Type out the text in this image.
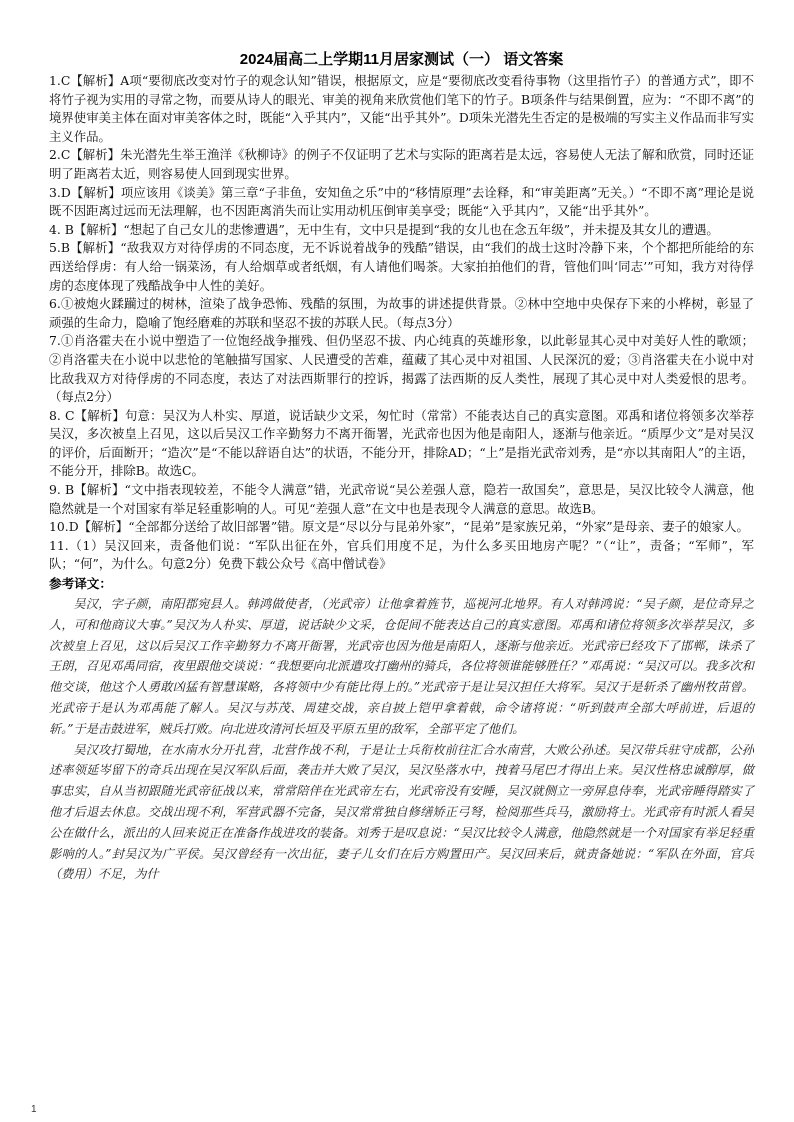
2024届高二上学期11月居家测试（一） 语文答案

1.C【解析】A项“要彻底改变对竹子的观念认知”错误，根据原文，应是“要彻底改变看待事物（这里指竹子）的普通方式”，即不将竹子视为实用的寻常之物，而要从诗人的眼光、审美的视角来欣赏他们笔下的竹子。B项条件与结果倒置，应为：“不即不离”的境界使审美主体在面对审美客体之时，既能“入乎其内”，又能“出乎其外”。D项朱光潜先生否定的是极端的写实主义作品而非写实主义作品。

2.C【解析】朱光潜先生举王渔洋《秋柳诗》的例子不仅证明了艺术与实际的距离若是太远，容易使人无法了解和欣赏，同时还证明了距离若太近，则容易使人回到现实世界。

3.D【解析】项应该用《谈美》第三章“子非鱼，安知鱼之乐”中的“移情原理”去诠释，和“审美距离”无关。）“不即不离”理论是说既不因距离过远而无法理解，也不因距离消失而让实用动机压倒审美享受；既能“入乎其内”，又能“出乎其外”。

4. B【解析】“想起了自己女儿的悲惨遭遇”，无中生有，文中只是提到“我的女儿也在念五年级”，并未提及其女儿的遭遇。

5.B【解析】“敌我双方对待俘虏的不同态度，无不诉说着战争的残酷”错误，由“我们的战士这时冷静下来，个个都把所能给的东西送给俘虏：有人给一锅菜汤，有人给烟草或者纸烟，有人请他们喝茶。大家拍拍他们的背，管他们叫‘同志’”可知，我方对待俘虏的态度体现了残酷战争中人性的美好。

6.①被炮火蹂躏过的树林，渲染了战争恐怖、残酷的氛围，为故事的讲述提供背景。②林中空地中央保存下来的小桦树，彰显了顽强的生命力，隐喻了饱经磨难的苏联和坚忍不拔的苏联人民。（每点3分）

7.①肖洛霍夫在小说中塑造了一位饱经战争摧残、但仍坚忍不拔、内心纯真的英雄形象，以此彰显其心灵中对美好人性的歌颂；②肖洛霍夫在小说中以悲怆的笔触描写国家、人民遭受的苦难，蕴藏了其心灵中对祖国、人民深沉的爱；③肖洛霍夫在小说中对比敌我双方对待俘虏的不同态度，表达了对法西斯罪行的控诉，揭露了法西斯的反人类性，展现了其心灵中对人类爱恨的思考。（每点2分）

8. C【解析】句意：吴汉为人朴实、厚道，说话缺少文采，匆忙时（常常）不能表达自己的真实意图。邓禹和诸位将领多次举荐吴汉，多次被皇上召见，这以后吴汉工作辛勤努力不离开衙署，光武帝也因为他是南阳人，逐渐与他亲近。“质厚少文”是对吴汉的评价，后面断开；“造次”是“不能以辞语自达”的状语，不能分开，排除AD；“上”是指光武帝刘秀，是“亦以其南阳人”的主语，不能分开，排除B。故选C。

9. B【解析】“文中指表现较差，不能令人满意”错，光武帝说“吴公差强人意，隐若一敌国矣”，意思是，吴汉比较令人满意，他隐然就是一个对国家有举足轻重影响的人。可见“差强人意”在文中也是表现令人满意的意思。故选B。

10.D【解析】“全部都分送给了故旧部署”错。原文是“尽以分与昆弟外家”，“昆弟”是家族兄弟，“外家”是母亲、妻子的娘家人。

11.（1）吴汉回来，责备他们说：“军队出征在外，官兵们用度不足，为什么多买田地房产呢？”（“让”，责备；“军师”，军队；“何”，为什么。句意2分）免费下载公众号《高中僧试卷》

参考译文：

吴汉，字子颜，南阳郡宛县人。韩鸿做使者，（光武帝）让他拿着旌节，巡视河北地界。有人对韩鸿说：“吴子颜，是位奇异之人，可和他商议大事。”吴汉为人朴实、厚道，说话缺少文采，仓促间不能表达自己的真实意图。邓禹和诸位将领多次举荐吴汉，多次被皇上召见，这以后吴汉工作辛勤努力不离开衙署，光武帝也因为他是南阳人，逐渐与他亲近。光武帝已经攻下了邯郸，诛杀了王朗，召见邓禹同宿，夜里跟他交谈说：“我想要向北派遣攻打幽州的骑兵，各位将领谁能够胜任？”邓禹说：“吴汉可以。我多次和他交谈，他这个人勇敢凶猛有智慧谋略，各将领中少有能比得上的。”光武帝于是让吴汉担任大将军。吴汉于是斩杀了幽州牧苗曾。光武帝于是认为邓禹能了解人。吴汉与苏茂、周建交战，亲自披上铠甲拿着戟，命令诸将说：“听到鼓声全部大呼前进，后退的斩。”于是击鼓进军，贼兵打败。向北进攻清河长垣及平原五里的敌军，全部平定了他们。

吴汉攻打蜀地，在水南水分开扎营，北营作战不利，于是让士兵衔枚前往汇合水南营，大败公孙述。吴汉带兵驻守成都，公孙述率领延岑留下的奇兵出现在吴汉军队后面，袭击并大败了吴汉，吴汉坠落水中，拽着马尾巴才得出上来。吴汉性格忠诚醇厚，做事忠实，自从当初跟随光武帝征战以来，常常陪伴在光武帝左右，光武帝没有安睡，吴汉就侧立一旁屏息侍奉，光武帝睡得踏实了他才后退去休息。交战出现不利，军营武器不完备，吴汉常常独自修缮矫正弓弩，检阅那些兵马，激励将士。光武帝有时派人看吴公在做什么，派出的人回来说正在准备作战进攻的装备。刘秀于是叹息说：“吴汉比较令人满意，他隐然就是一个对国家有举足轻重影响的人。”封吴汉为广平侯。吴汉曾经有一次出征，妻子儿女们在后方购置田产。吴汉回来后，就责备她说：“军队在外面，官兵（费用）不足，为什

1
